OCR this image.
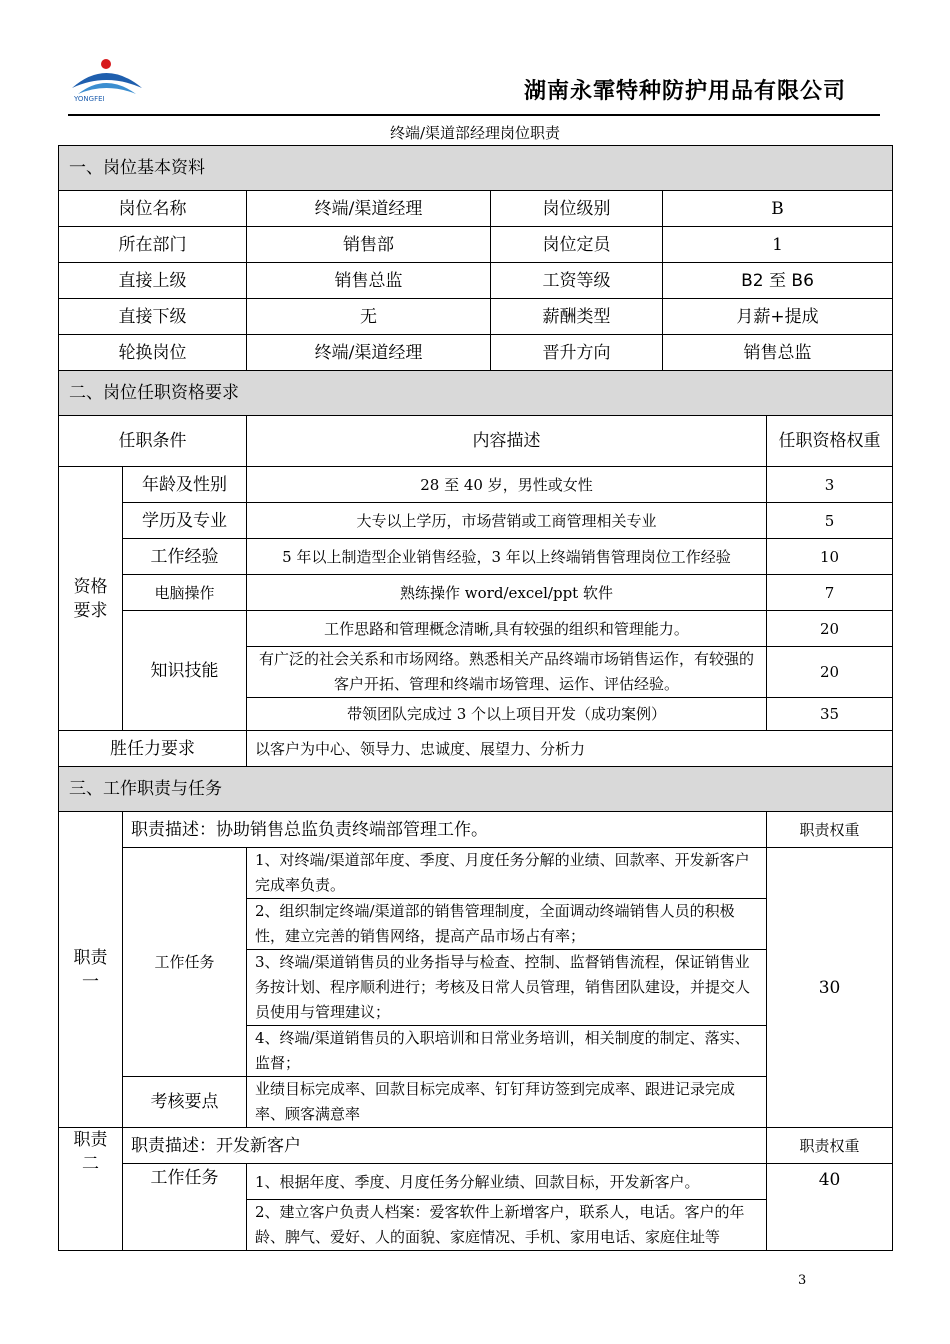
YONGFEI	湖南永霏特种防护用品有限公司
终端/渠道部经理岗位职责
一、岗位基本资料					
岗位名称		终端/渠道经理	岗位级别	B	
所在部门		销售部	岗位定员	1	
直接上级		销售总监	工资等级	B2 至 B6	
直接下级		无	薪酬类型	月薪+提成	
轮换岗位		终端/渠道经理	晋升方向	销售总监	
二、岗位任职资格要求					
任职条件		内容描述			任职资格权重
资格要求	年龄及性别	28 至 40 岁，男性或女性			3
	学历及专业	大专以上学历，市场营销或工商管理相关专业			5
	工作经验	5 年以上制造型企业销售经验，3 年以上终端销售管理岗位工作经验			10
	电脑操作	熟练操作 word/excel/ppt 软件			7
	知识技能	工作思路和管理概念清晰,具有较强的组织和管理能力。			20
		有广泛的社会关系和市场网络。熟悉相关产品终端市场销售运作，有较强的客户开拓、管理和终端市场管理、运作、评估经验。			20
		带领团队完成过 3 个以上项目开发（成功案例）			35
胜任力要求		以客户为中心、领导力、忠诚度、展望力、分析力			
三、工作职责与任务					
职责一	职责描述：协助销售总监负责终端部管理工作。				职责权重
	工作任务	1、对终端/渠道部年度、季度、月度任务分解的业绩、回款率、开发新客户完成率负责。			30
		2、组织制定终端/渠道部的销售管理制度，全面调动终端销售人员的积极性，建立完善的销售网络，提高产品市场占有率；			
		3、终端/渠道销售员的业务指导与检查、控制、监督销售流程，保证销售业务按计划、程序顺利进行；考核及日常人员管理，销售团队建设，并提交人员使用与管理建议；			
		4、终端/渠道销售员的入职培训和日常业务培训，相关制度的制定、落实、监督；			
	考核要点	业绩目标完成率、回款目标完成率、钉钉拜访签到完成率、跟进记录完成率、顾客满意率			

职责二	职责描述：开发新客户				职责权重
	工作任务	1、根据年度、季度、月度任务分解业绩、回款目标，开发新客户。			40
		2、建立客户负责人档案：爱客软件上新增客户，联系人，电话。客户的年龄、脾气、爱好、人的面貌、家庭情况、手机、家用电话、家庭住址等			
3
